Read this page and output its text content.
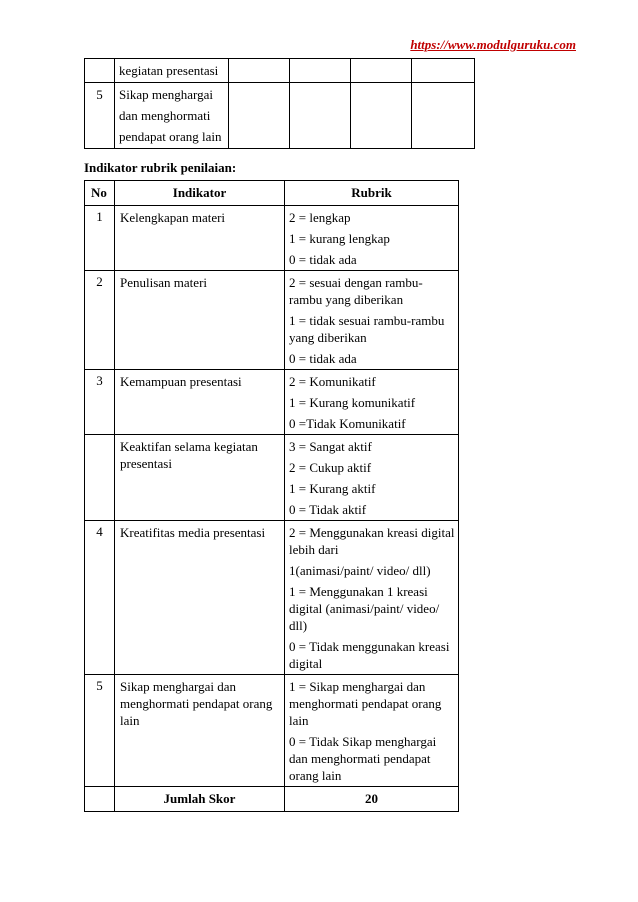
https://www.modulguruku.com
	kegiatan presentasi				
5	Sikap menghargai dan menghormati pendapat orang lain				
Indikator rubrik penilaian:
No	Indikator	Rubrik
1	Kelengkapan materi	2 = lengkap

1 = kurang lengkap

0 = tidak ada

2	Penulisan materi	2 = sesuai dengan rambu-rambu yang diberikan

1 = tidak sesuai rambu-rambu yang diberikan

0 = tidak ada

3	Kemampuan presentasi	2 = Komunikatif

1 = Kurang komunikatif

0 =Tidak Komunikatif

	Keaktifan selama kegiatan presentasi	3 = Sangat aktif

2 = Cukup aktif

1 = Kurang aktif

0 = Tidak aktif

4	Kreatifitas media presentasi	2 = Menggunakan kreasi digital lebih dari

1(animasi/paint/ video/ dll)

1 = Menggunakan 1 kreasi digital (animasi/paint/ video/ dll)

0 = Tidak menggunakan kreasi digital

5	Sikap menghargai dan menghormati pendapat orang lain	1 = Sikap menghargai dan menghormati pendapat orang lain

0 = Tidak Sikap menghargai dan menghormati pendapat orang lain

	Jumlah Skor	20
